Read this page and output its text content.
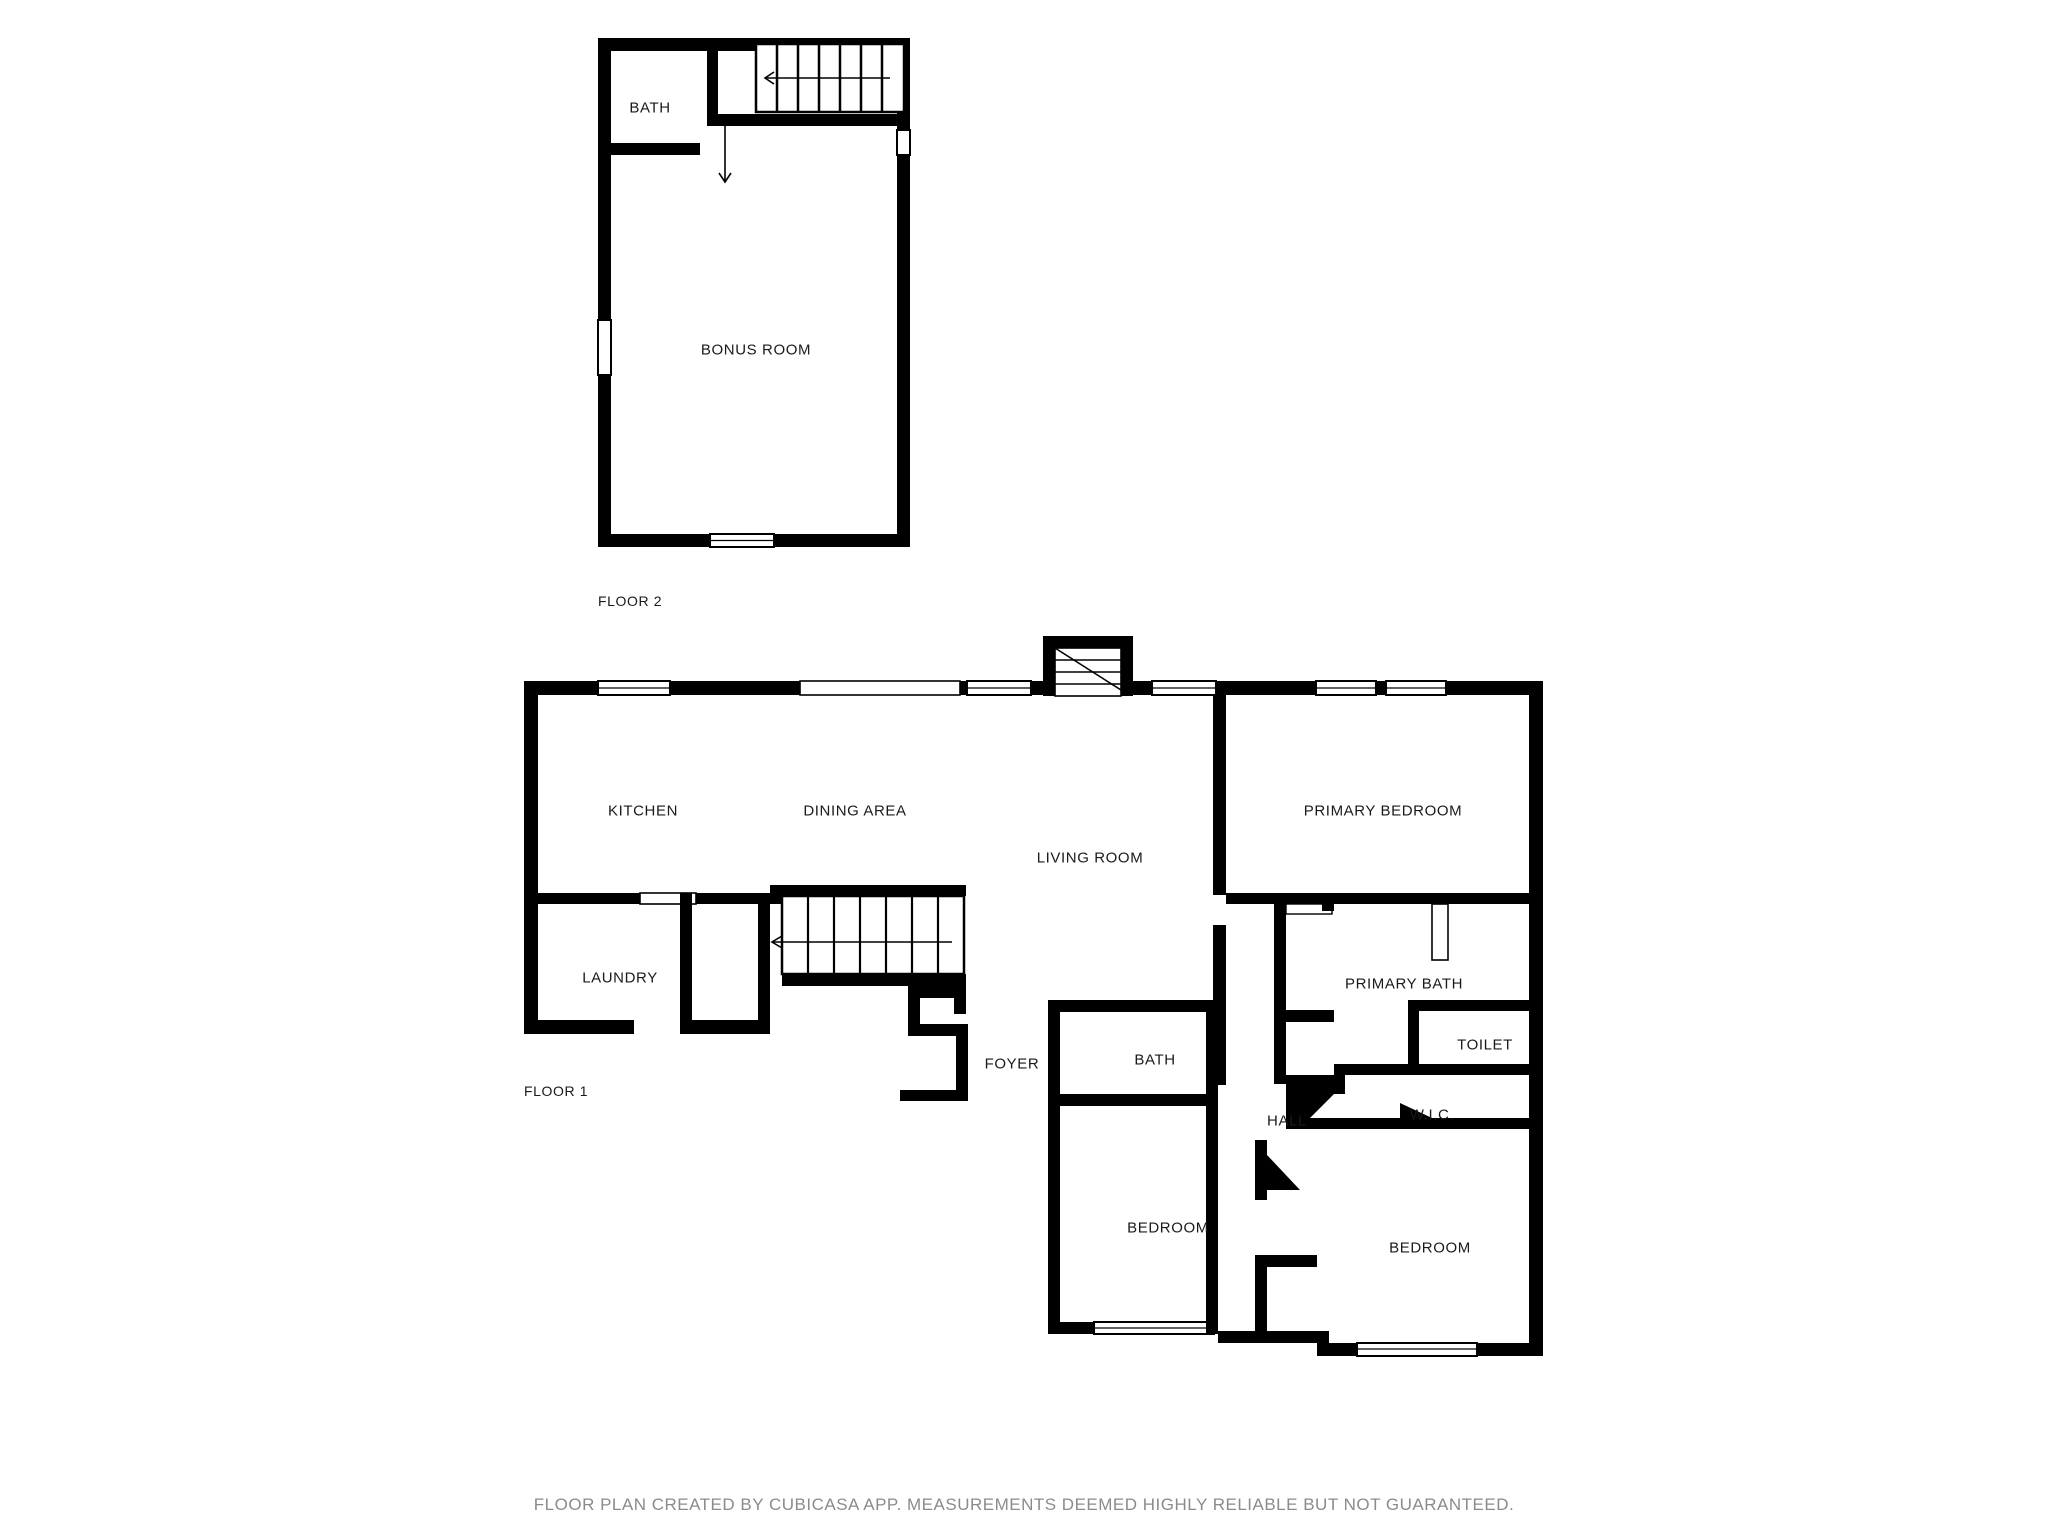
BATH
BONUS ROOM
FLOOR 2
KITCHEN	DINING AREA
LIVING ROOM
PRIMARY BEDROOM
LAUNDRY	PRIMARY BATH
TOILET
FOYER	BATH
HALL	W.I.C.
BEDROOM
BEDROOM
FLOOR 1
FLOOR PLAN CREATED BY CUBICASA APP. MEASUREMENTS DEEMED HIGHLY RELIABLE BUT NOT GUARANTEED.
